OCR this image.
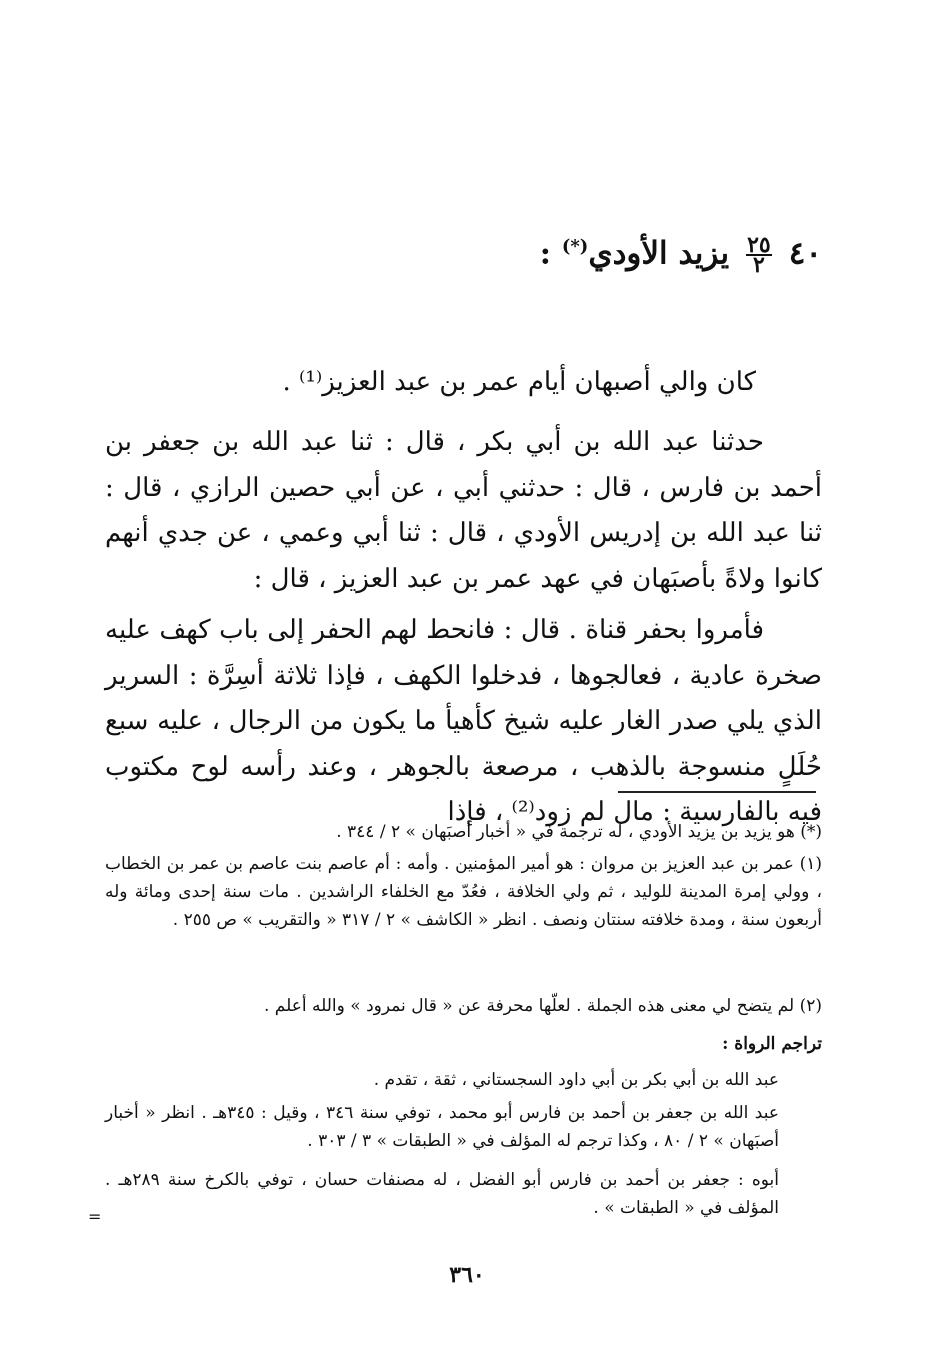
٤٠ $\frac{٢٥}{٢}$ يزيد الأودي(*) :
كان والي أصبهان أيام عمر بن عبد العزيز⁽¹⁾ .
حدثنا عبد الله بن أبي بكر ، قال : ثنا عبد الله بن جعفر بن أحمد بن فارس ، قال : حدثني أبي ، عن أبي حصين الرازي ، قال : ثنا عبد الله بن إدريس الأودي ، قال : ثنا أبي وعمي ، عن جدي أنهم كانوا ولاةً بأصبَهان في عهد عمر بن عبد العزيز ، قال :
فأمروا بحفر قناة . قال : فانحط لهم الحفر إلى باب كهف عليه صخرة عادية ، فعالجوها ، فدخلوا الكهف ، فإذا ثلاثة أسِرَّة : السرير الذي يلي صدر الغار عليه شيخ كأهيأ ما يكون من الرجال ، عليه سبع حُلَلٍ منسوجة بالذهب ، مرصعة بالجوهر ، وعند رأسه لوح مكتوب فيه بالفارسية : مال لم زود⁽²⁾ ، فإذا
(*) هو يزيد بن يزيد الأودي ، له ترجمة في « أخبار أصبَهان » ٢ / ٣٤٤ .
(١) عمر بن عبد العزيز بن مروان : هو أمير المؤمنين . وأمه : أم عاصم بنت عاصم بن عمر بن الخطاب ، وولي إمرة المدينة للوليد ، ثم ولي الخلافة ، فعُدّ مع الخلفاء الراشدين . مات سنة إحدى ومائة وله أربعون سنة ، ومدة خلافته سنتان ونصف . انظر « الكاشف » ٢ / ٣١٧ « والتقريب » ص ٢٥٥ .
(٢) لم يتضح لي معنى هذه الجملة . لعلّها محرفة عن « قال نمرود » والله أعلم .
تراجم الرواة :
عبد الله بن أبي بكر بن أبي داود السجستاني ، ثقة ، تقدم .
عبد الله بن جعفر بن أحمد بن فارس أبو محمد ، توفي سنة ٣٤٦ ، وقيل : ٣٤٥هـ . انظر « أخبار أصبَهان » ٢ / ٨٠ ، وكذا ترجم له المؤلف في « الطبقات » ٣ / ٣٠٣ .
أبوه : جعفر بن أحمد بن فارس أبو الفضل ، له مصنفات حسان ، توفي بالكرخ سنة ٢٨٩هـ . المؤلف في « الطبقات » .
=
٣٦٠
